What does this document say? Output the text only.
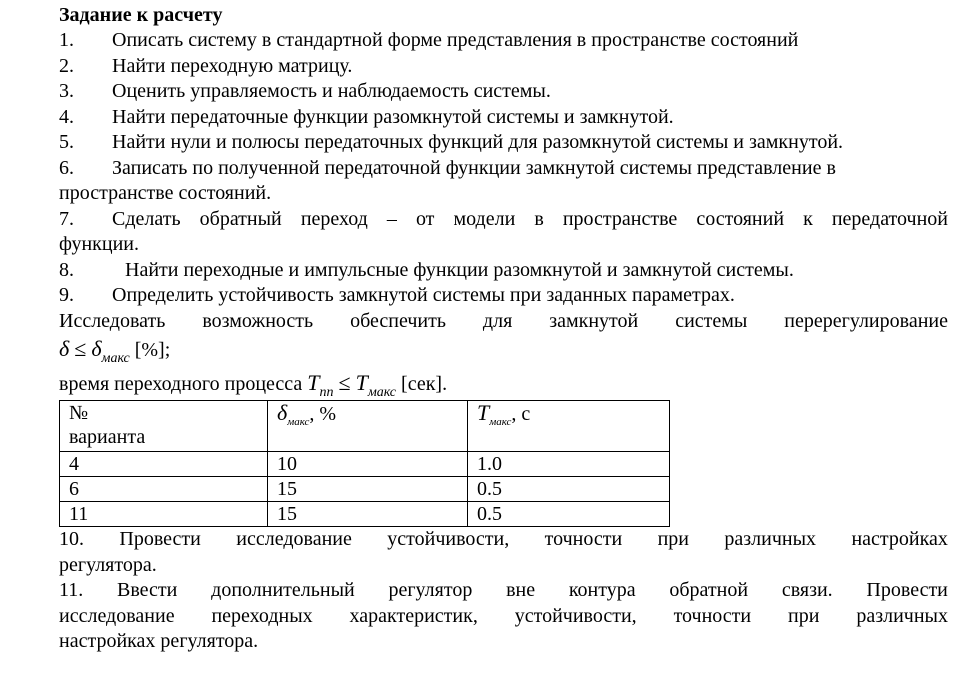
Задание к расчету
1.	Описать систему в стандартной форме представления в пространстве состояний
2.	Найти переходную матрицу.
3.	Оценить управляемость и наблюдаемость системы.
4.	Найти передаточные функции разомкнутой системы и замкнутой.
5.	Найти нули и полюсы передаточных функций для разомкнутой системы и замкнутой.
6.	Записать по полученной передаточной функции замкнутой системы представление в
пространстве состояний.
7.	Сделать обратный переход – от модели в пространстве состояний к передаточной
функции.
8.	Найти переходные и импульсные функции разомкнутой и замкнутой системы.
9.	Определить устойчивость замкнутой системы при заданных параметрах.
Исследовать возможность обеспечить для замкнутой системы перерегулирование
$\delta \le \delta_{макс}$ [%];
время переходного процесса $T_{пп} \le T_{макс}$ [сек].
№
варианта	$\delta_{макс}$, %	$T_{макс}$, с
4	10	1.0
6	15	0.5
11	15	0.5
10. Провести исследование устойчивости, точности при различных настройках
регулятора.
11. Ввести дополнительный регулятор вне контура обратной связи. Провести
исследование переходных характеристик, устойчивости, точности при различных
настройках регулятора.
